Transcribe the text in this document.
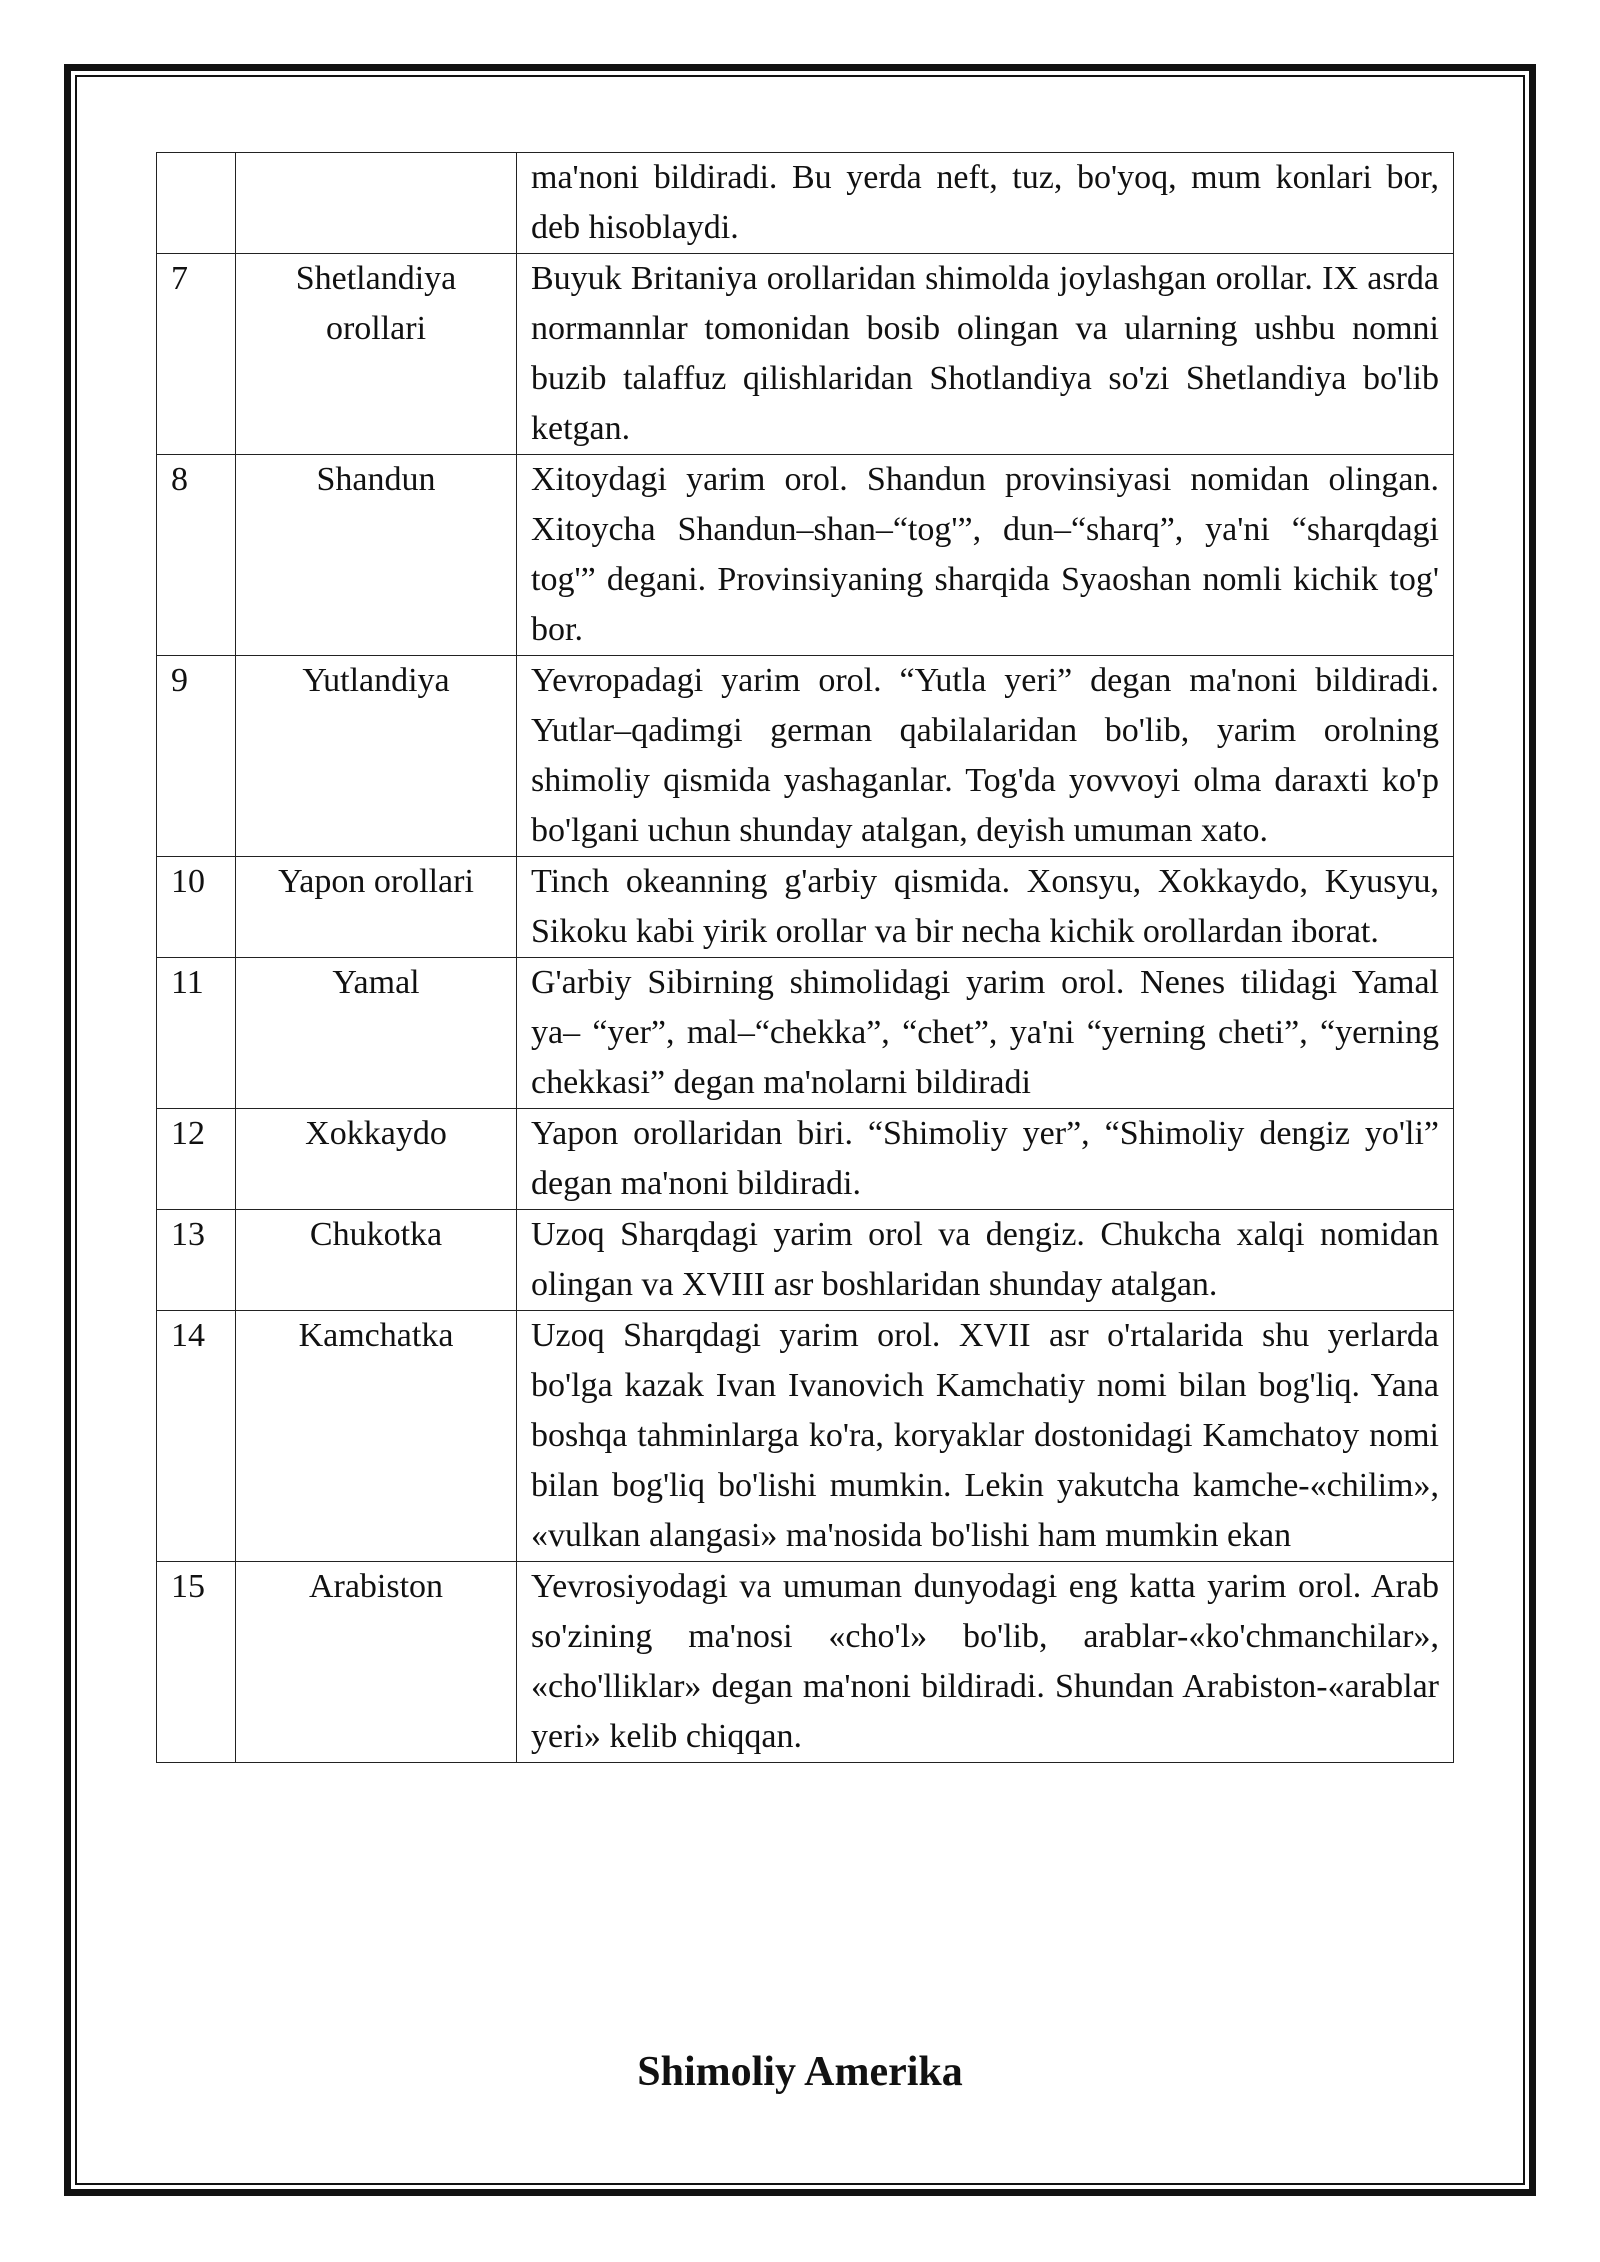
		ma'noni bildiradi. Bu yerda neft, tuz, bo'yoq, mum konlari bor, deb hisoblaydi.
7	Shetlandiya orollari	Buyuk Britaniya orollaridan shimolda joylashgan orollar. IX asrda normannlar tomonidan bosib olingan va ularning ushbu nomni buzib talaffuz qilishlaridan Shotlandiya so'zi Shetlandiya bo'lib ketgan.
8	Shandun	Xitoydagi yarim orol. Shandun provinsiyasi nomidan olingan. Xitoycha Shandun–shan–“tog'”, dun–“sharq”, ya'ni “sharqdagi tog'” degani. Provinsiyaning sharqida Syaoshan nomli kichik tog' bor.
9	Yutlandiya	Yevropadagi yarim orol. “Yutla yeri” degan ma'noni bildiradi. Yutlar–qadimgi german qabilalaridan bo'lib, yarim orolning shimoliy qismida yashaganlar. Tog'da yovvoyi olma daraxti ko'p bo'lgani uchun shunday atalgan, deyish umuman xato.
10	Yapon orollari	Tinch okeanning g'arbiy qismida. Xonsyu, Xokkaydo, Kyusyu, Sikoku kabi yirik orollar va bir necha kichik orollardan iborat.
11	Yamal	G'arbiy Sibirning shimolidagi yarim orol. Nenes tilidagi Yamal ya– “yer”, mal–“chekka”, “chet”, ya'ni “yerning cheti”, “yerning chekkasi” degan ma'nolarni bildiradi
12	Xokkaydo	Yapon orollaridan biri. “Shimoliy yer”, “Shimoliy dengiz yo'li” degan ma'noni bildiradi.
13	Chukotka	Uzoq Sharqdagi yarim orol va dengiz. Chukcha xalqi nomidan olingan va XVIII asr boshlaridan shunday atalgan.
14	Kamchatka	Uzoq Sharqdagi yarim orol. XVII asr o'rtalarida shu yerlarda bo'lga kazak Ivan Ivanovich Kamchatiy nomi bilan bog'liq. Yana boshqa tahminlarga ko'ra, koryaklar dostonidagi Kamchatoy nomi bilan bog'liq bo'lishi mumkin. Lekin yakutcha kamche-«chilim», «vulkan alangasi» ma'nosida bo'lishi ham mumkin ekan
15	Arabiston	Yevrosiyodagi va umuman dunyodagi eng katta yarim orol. Arab so'zining ma'nosi «cho'l» bo'lib, arablar-«ko'chmanchilar», «cho'lliklar» degan ma'noni bildiradi. Shundan Arabiston-«arablar yeri» kelib chiqqan.
Shimoliy Amerika
